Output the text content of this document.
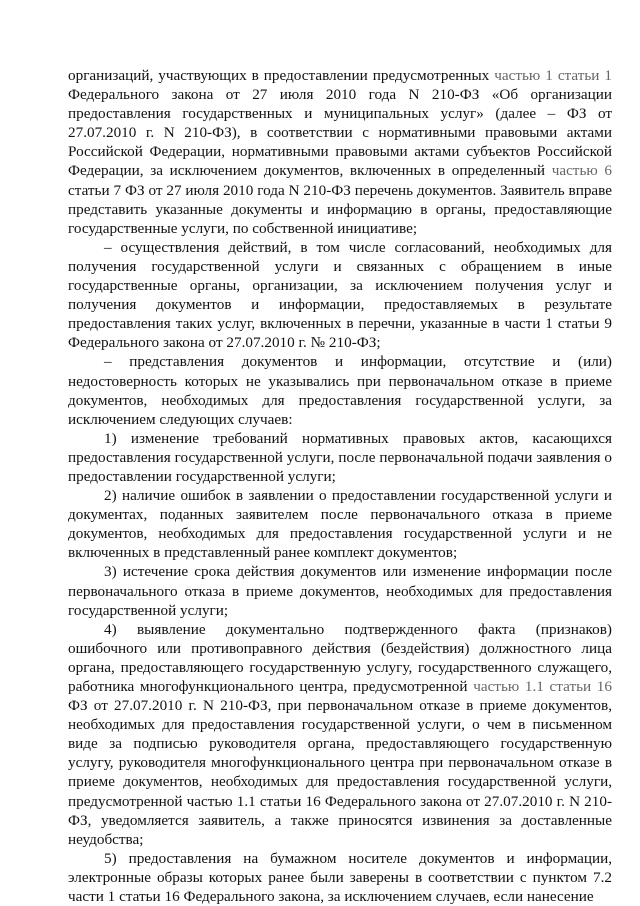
организаций, участвующих в предоставлении предусмотренных частью 1 статьи 1 Федерального закона от 27 июля 2010 года N 210-ФЗ «Об организации предоставления государственных и муниципальных услуг» (далее – ФЗ от 27.07.2010 г. N 210-ФЗ), в соответствии с нормативными правовыми актами Российской Федерации, нормативными правовыми актами субъектов Российской Федерации, за исключением документов, включенных в определенный частью 6 статьи 7 ФЗ от 27 июля 2010 года N 210-ФЗ перечень документов. Заявитель вправе представить указанные документы и информацию в органы, предоставляющие государственные услуги, по собственной инициативе;

– осуществления действий, в том числе согласований, необходимых для получения государственной услуги и связанных с обращением в иные государственные органы, организации, за исключением получения услуг и получения документов и информации, предоставляемых в результате предоставления таких услуг, включенных в перечни, указанные в части 1 статьи 9 Федерального закона от 27.07.2010 г. № 210-ФЗ;

– представления документов и информации, отсутствие и (или) недостоверность которых не указывались при первоначальном отказе в приеме документов, необходимых для предоставления государственной услуги, за исключением следующих случаев:

1) изменение требований нормативных правовых актов, касающихся предоставления государственной услуги, после первоначальной подачи заявления о предоставлении государственной услуги;

2) наличие ошибок в заявлении о предоставлении государственной услуги и документах, поданных заявителем после первоначального отказа в приеме документов, необходимых для предоставления государственной услуги и не включенных в представленный ранее комплект документов;

3) истечение срока действия документов или изменение информации после первоначального отказа в приеме документов, необходимых для предоставления государственной услуги;

4) выявление документально подтвержденного факта (признаков) ошибочного или противоправного действия (бездействия) должностного лица органа, предоставляющего государственную услугу, государственного служащего, работника многофункционального центра, предусмотренной частью 1.1 статьи 16 ФЗ от 27.07.2010 г. N 210-ФЗ, при первоначальном отказе в приеме документов, необходимых для предоставления государственной услуги, о чем в письменном виде за подписью руководителя органа, предоставляющего государственную услугу, руководителя многофункционального центра при первоначальном отказе в приеме документов, необходимых для предоставления государственной услуги, предусмотренной частью 1.1 статьи 16 Федерального закона от 27.07.2010 г. N 210-ФЗ, уведомляется заявитель, а также приносятся извинения за доставленные неудобства;

5) предоставления на бумажном носителе документов и информации, электронные образы которых ранее были заверены в соответствии с пунктом 7.2 части 1 статьи 16 Федерального закона, за исключением случаев, если нанесение
